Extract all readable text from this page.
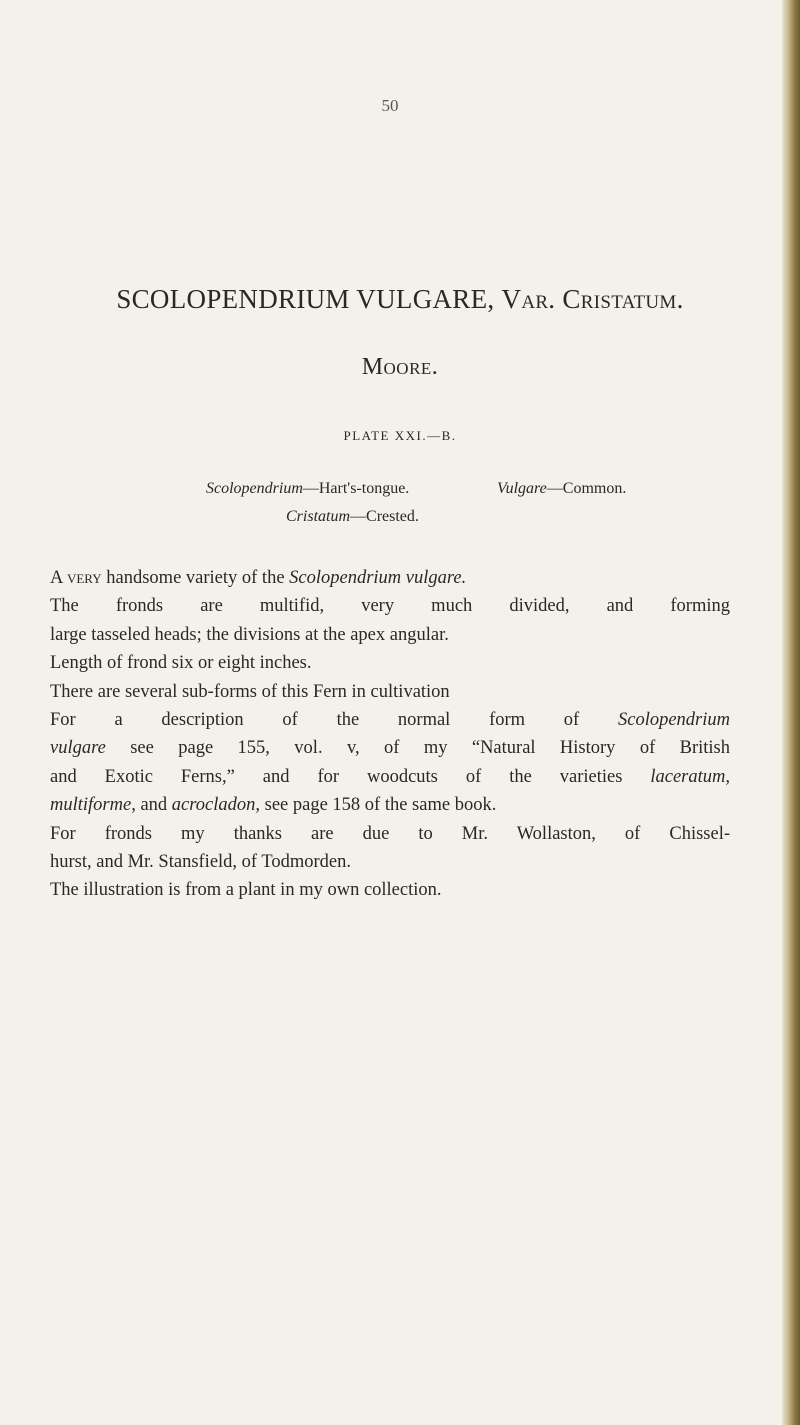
50
SCOLOPENDRIUM VULGARE, Var. Cristatum.
Moore.
PLATE XXI.—B.
Scolopendrium—Hart's-tongue.	Vulgare—Common.
Cristatum—Crested.

A very handsome variety of the Scolopendrium vulgare.

The fronds are multifid, very much divided, and forming

large tasseled heads; the divisions at the apex angular.

Length of frond six or eight inches.

There are several sub-forms of this Fern in cultivation

For a description of the normal form of Scolopendrium

vulgare see page 155, vol. v, of my “Natural History of British

and Exotic Ferns,” and for woodcuts of the varieties laceratum,

multiforme, and acrocladon, see page 158 of the same book.

For fronds my thanks are due to Mr. Wollaston, of Chissel-

hurst, and Mr. Stansfield, of Todmorden.

The illustration is from a plant in my own collection.
